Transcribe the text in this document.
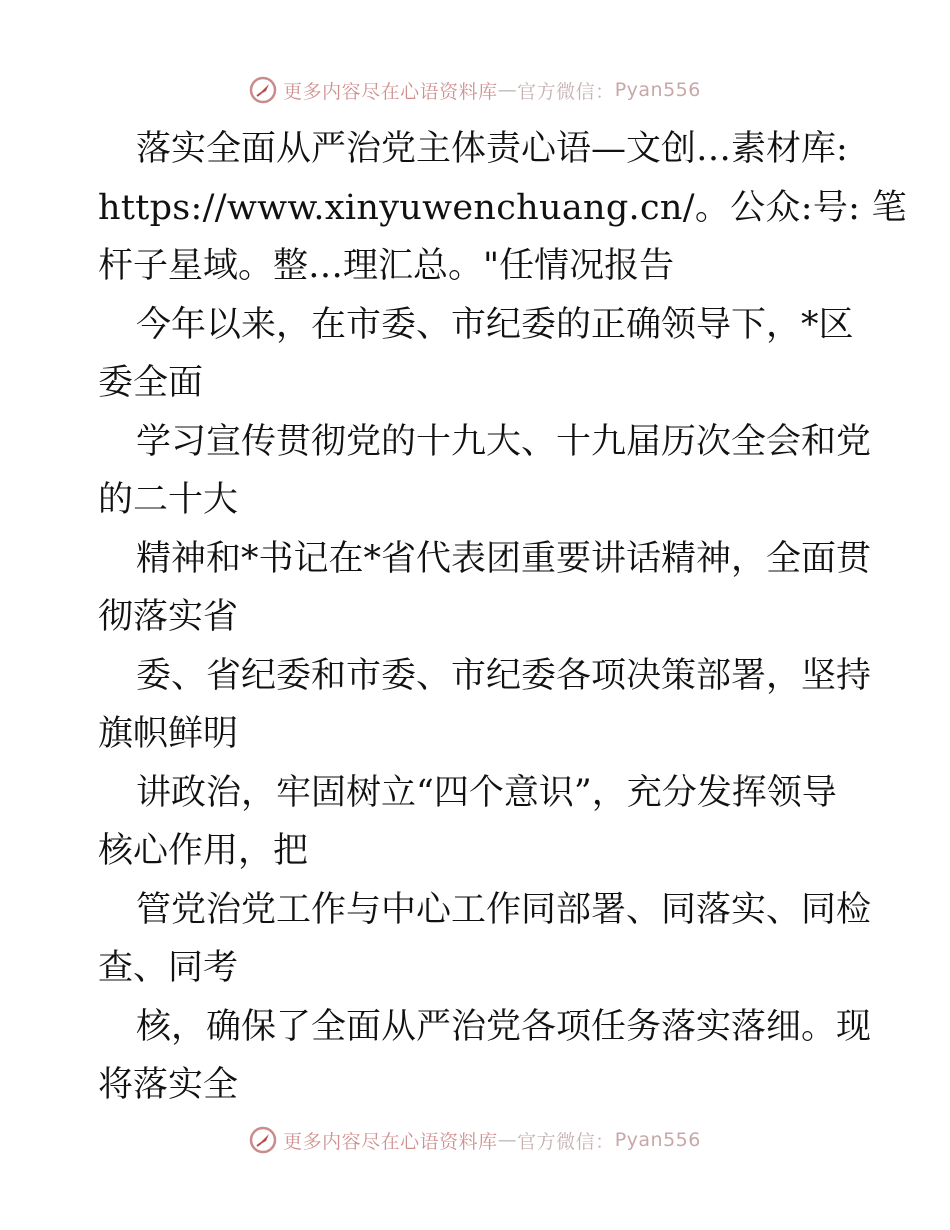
更多内容尽在心语资料库 — 官方微信： Pyan556
落实全面从严治党主体责心语—文创…素材库:
https://www.xinyuwenchuang.cn/。公众:号: 笔
杆子星域。整…理汇总。"任情况报告
今年以来，在市委、市纪委的正确领导下，*区
委全面
学习宣传贯彻党的十九大、十九届历次全会和党
的二十大
精神和*书记在*省代表团重要讲话精神，全面贯
彻落实省
委、省纪委和市委、市纪委各项决策部署，坚持
旗帜鲜明
讲政治，牢固树立“四个意识”，充分发挥领导
核心作用，把
管党治党工作与中心工作同部署、同落实、同检
查、同考
核，确保了全面从严治党各项任务落实落细。现
将落实全
更多内容尽在心语资料库 — 官方微信： Pyan556
